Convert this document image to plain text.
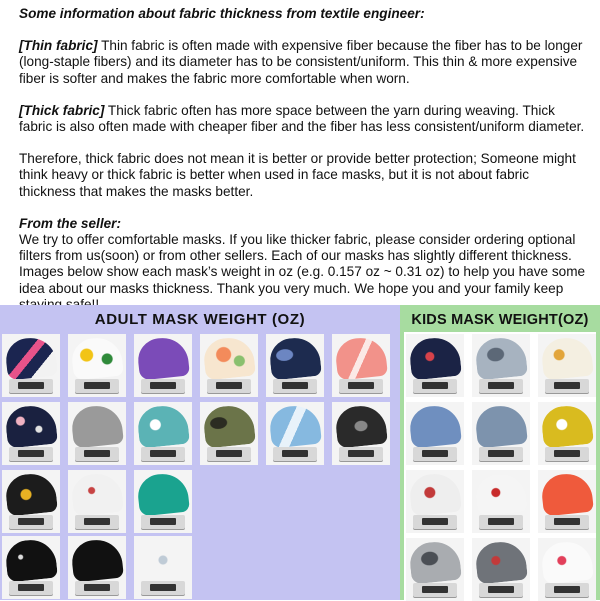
Some information about fabric thickness from textile engineer:

[Thin fabric] Thin fabric is often made with expensive fiber because the fiber has to be longer (long-staple fibers) and its diameter has to be consistent/uniform. This thin & more expensive fiber is softer and makes the fabric more comfortable when worn.

[Thick fabric] Thick fabric often has more space between the yarn during weaving. Thick fabric is also often made with cheaper fiber and the fiber has less consistent/uniform diameter.

Therefore, thick fabric does not mean it is better or provide better protection; Someone might think heavy or thick fabric is better when used in face masks, but it is not about fabric thickness that makes the masks better.

From the seller:
We try to offer comfortable masks. If you like thicker fabric, please consider ordering optional filters from us(soon) or from other sellers. Each of our masks has slightly different thickness. Images below show each mask’s weight in oz (e.g. 0.157 oz ~ 0.31 oz) to help you have some idea about our masks thickness. Thank you very much. We hope you and your family keep

ADULT MASK WEIGHT (OZ)	KIDS MASK WEIGHT(OZ)
